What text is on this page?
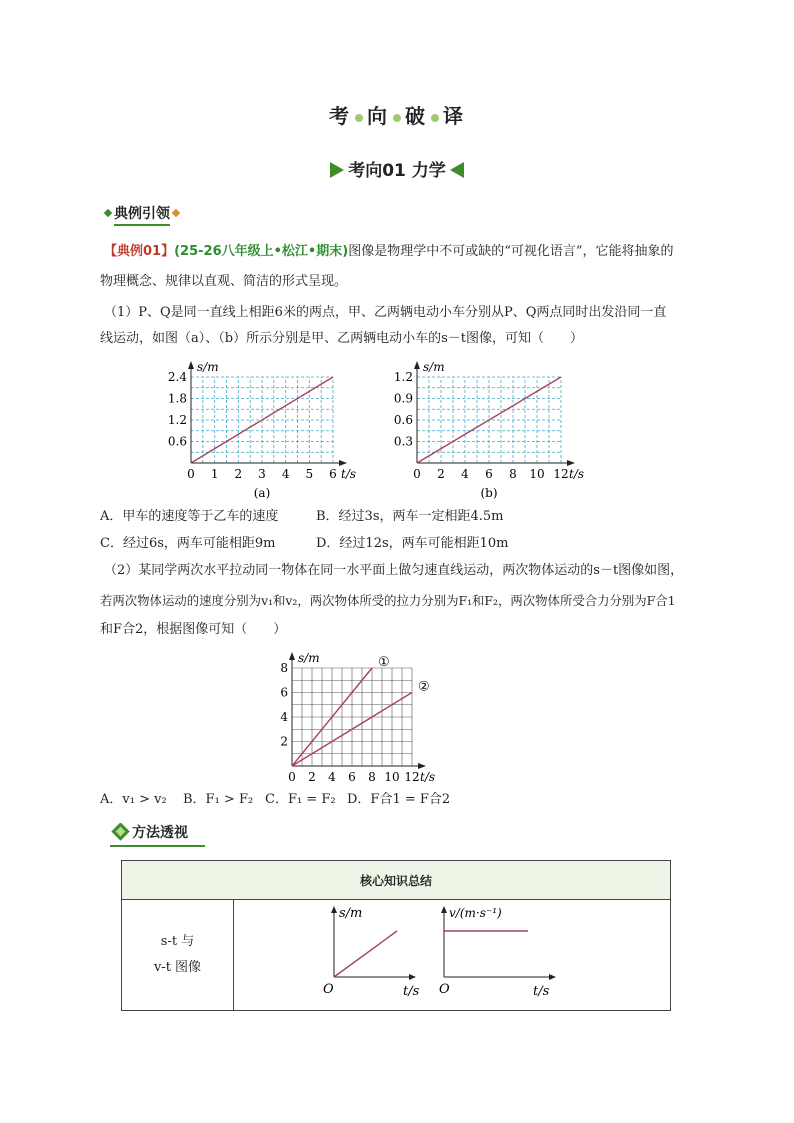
考 向 破 译
考向01 力学
典例引领
【典例01】(25-26八年级上•松江•期末)图像是物理学中不可或缺的“可视化语言”，它能将抽象的
物理概念、规律以直观、简洁的形式呈现。
（1）P、Q是同一直线上相距6米的两点，甲、乙两辆电动小车分别从P、Q两点同时出发沿同一直
线运动，如图（a）、（b）所示分别是甲、乙两辆电动小车的s－t图像，可知（　　）
0 1 2 3 4 5 6
0.6
1.2
1.8
2.4
s/m
t/s
(a)
0 2 4 6 8 10 12
0.3
0.6
0.9
1.2
s/m
t/s
(b)
A．甲车的速度等于乙车的速度	B．经过3s，两车一定相距4.5m
C．经过6s，两车可能相距9m	D．经过12s，两车可能相距10m
（2）某同学两次水平拉动同一物体在同一水平面上做匀速直线运动，两次物体运动的s－t图像如图，
若两次物体运动的速度分别为v₁和v₂，两次物体所受的拉力分别为F₁和F₂，两次物体所受合力分别为F合1
和F合2，根据图像可知（　　）
0 2 4 6 8 10 12
2
4
6
8
s/m
t/s
①
②
A．v₁ > v₂ B．F₁ > F₂ C．F₁ = F₂ D．F合1 = F合2
方法透视
核心知识总结

s-t 与
v-t 图像

s/m
t/s
O
v/(m·s⁻¹)
t/s
O
